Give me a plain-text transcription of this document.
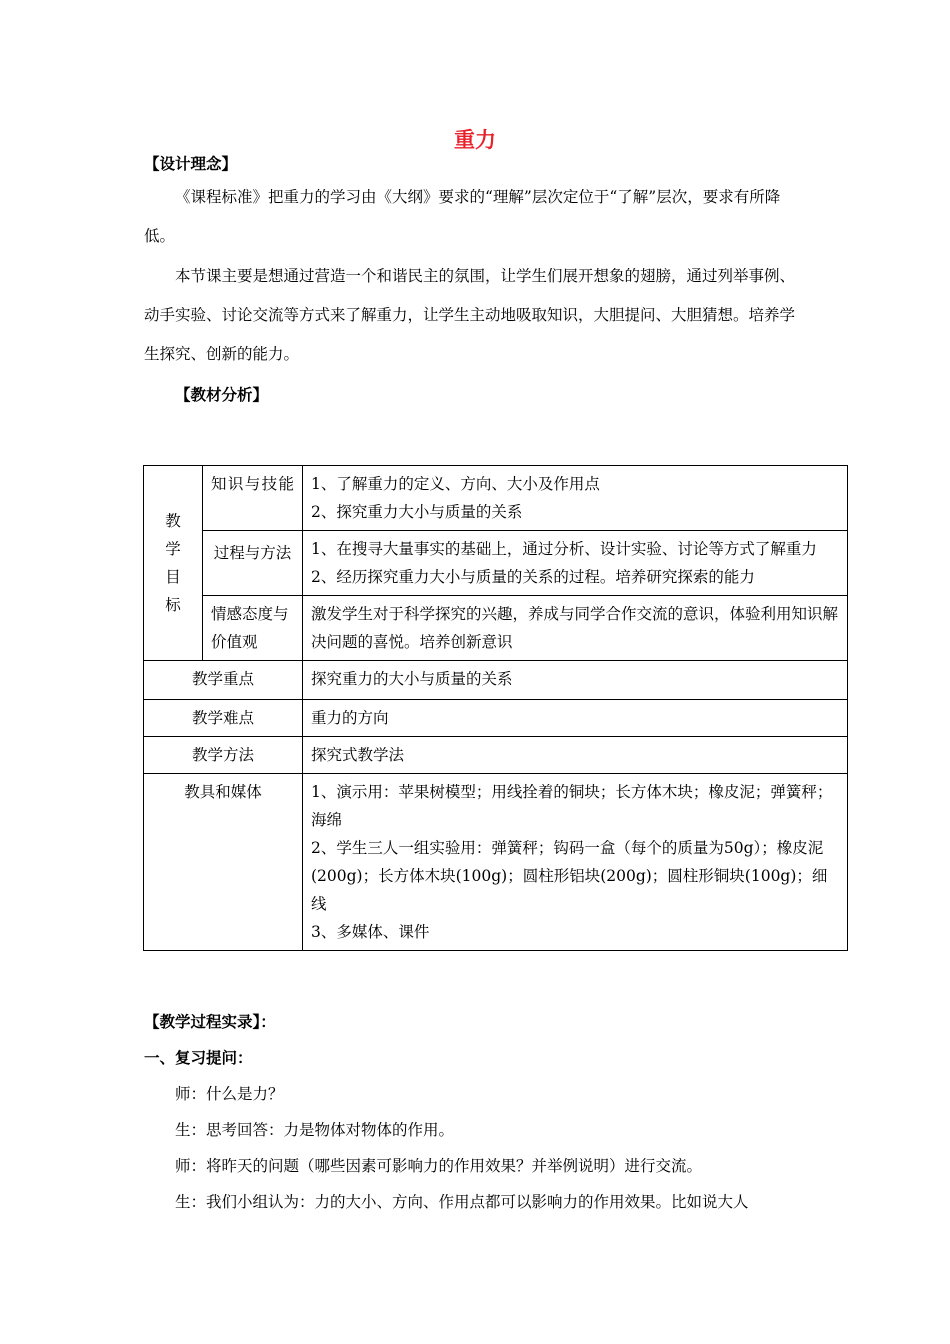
重力
【设计理念】
《课程标准》把重力的学习由《大纲》要求的“理解”层次定位于“了解”层次，要求有所降低。
本节课主要是想通过营造一个和谐民主的氛围，让学生们展开想象的翅膀，通过列举事例、动手实验、讨论交流等方式来了解重力，让学生主动地吸取知识，大胆提问、大胆猜想。培养学生探究、创新的能力。
【教材分析】
教学目标	知识与技能	1、了解重力的定义、方向、大小及作用点
2、探究重力大小与质量的关系

	过程与方法	1、在搜寻大量事实的基础上，通过分析、设计实验、讨论等方式了解重力
2、经历探究重力大小与质量的关系的过程。培养研究探索的能力

	情感态度与价值观	激发学生对于科学探究的兴趣，养成与同学合作交流的意识，体验利用知识解决问题的喜悦。培养创新意识

教学重点		探究重力的大小与质量的关系
教学难点		重力的方向
教学方法		探究式教学法
教具和媒体		1、演示用：苹果树模型；用线拴着的铜块；长方体木块；橡皮泥；弹簧秤；海绵
2、学生三人一组实验用：弹簧秤；钩码一盒（每个的质量为50g）；橡皮泥(200g)；长方体木块(100g)；圆柱形铝块(200g)；圆柱形铜块(100g)；细线
3、多媒体、课件
【教学过程实录】：
一、复习提问：
师：什么是力？
生：思考回答：力是物体对物体的作用。
师：将昨天的问题（哪些因素可影响力的作用效果？并举例说明）进行交流。
生：我们小组认为：力的大小、方向、作用点都可以影响力的作用效果。比如说大人
